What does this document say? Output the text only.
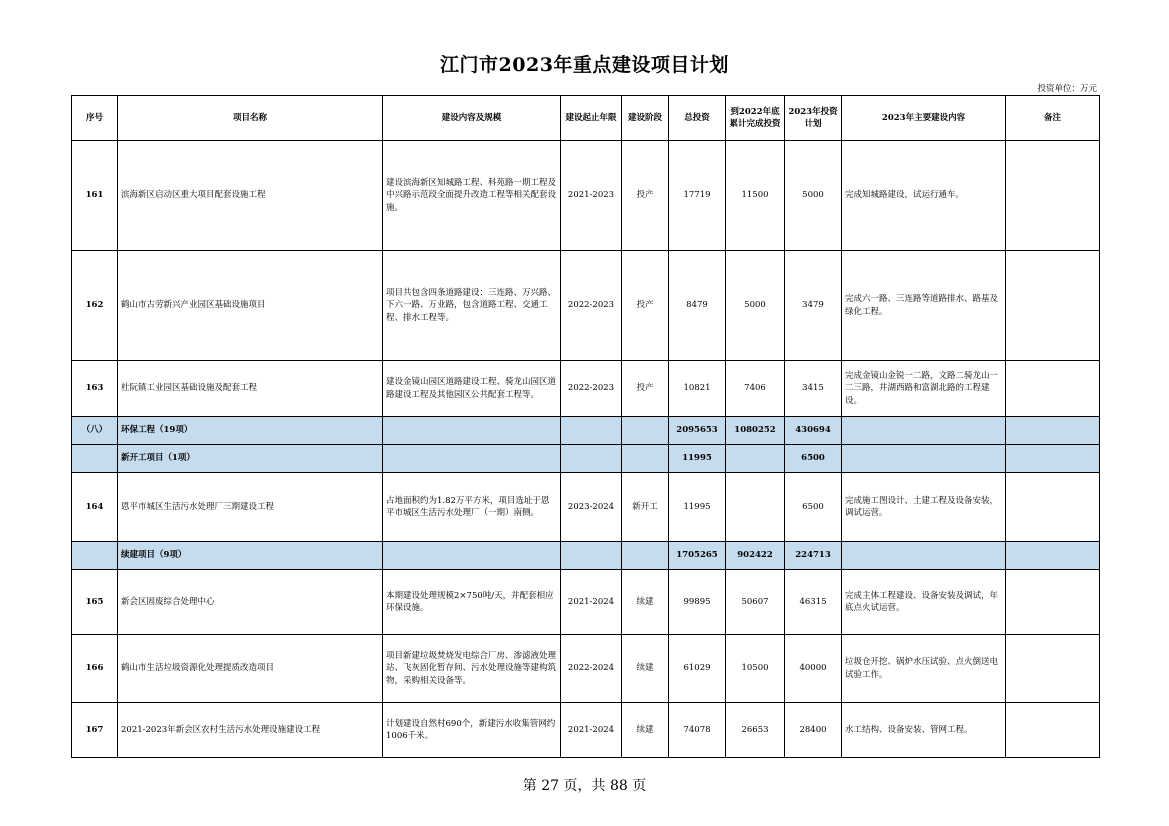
江门市2023年重点建设项目计划
投资单位：万元
序号	项目名称	建设内容及规模	建设起止年限	建设阶段	总投资	到2022年底累计完成投资	2023年投资计划	2023年主要建设内容	备注
161	滨海新区启动区重大项目配套设施工程	建设滨海新区知城路工程、科苑路一期工程及中兴路示范段全面提升改造工程等相关配套设施。	2021-2023	投产	17719	11500	5000	完成知城路建设，试运行通车。	
162	鹤山市古劳新兴产业园区基础设施项目	项目共包含四条道路建设：三连路、万兴路、下六一路、万业路，包含道路工程、交通工程、排水工程等。	2022-2023	投产	8479	5000	3479	完成六一路、三连路等道路排水、路基及绿化工程。	
163	杜阮镇工业园区基础设施及配套工程	建设金镜山园区道路建设工程、骑龙山园区道路建设工程及其他园区公共配套工程等。	2022-2023	投产	10821	7406	3415	完成金镜山金锐一二路，文路二骑龙山一二三路，井湖西路和富湖北路的工程建设。	
（八）	环保工程（19项）				2095653	1080252	430694		
	新开工项目（1项）				11995		6500		
164	恩平市城区生活污水处理厂三期建设工程	占地面积约为1.82万平方米，项目选址于恩平市城区生活污水处理厂（一期）南侧。	2023-2024	新开工	11995		6500	完成施工图设计、土建工程及设备安装，调试运营。	
	续建项目（9项）				1705265	902422	224713		
165	新会区固废综合处理中心	本期建设处理规模2×750吨/天，并配套相应环保设施。	2021-2024	续建	99895	50607	46315	完成主体工程建设、设备安装及调试，年底点火试运营。	
166	鹤山市生活垃圾资源化处理提质改造项目	项目新建垃圾焚烧发电综合厂房、渗滤液处理站、飞灰固化暂存间、污水处理设施等建构筑物，采购相关设备等。	2022-2024	续建	61029	10500	40000	垃圾仓开挖、锅炉水压试验、点火倒送电试验工作。	
167	2021-2023年新会区农村生活污水处理设施建设工程	计划建设自然村690个，新建污水收集管网约1006千米。	2021-2024	续建	74078	26653	28400	水工结构、设备安装、管网工程。	
第 27 页，共 88 页
